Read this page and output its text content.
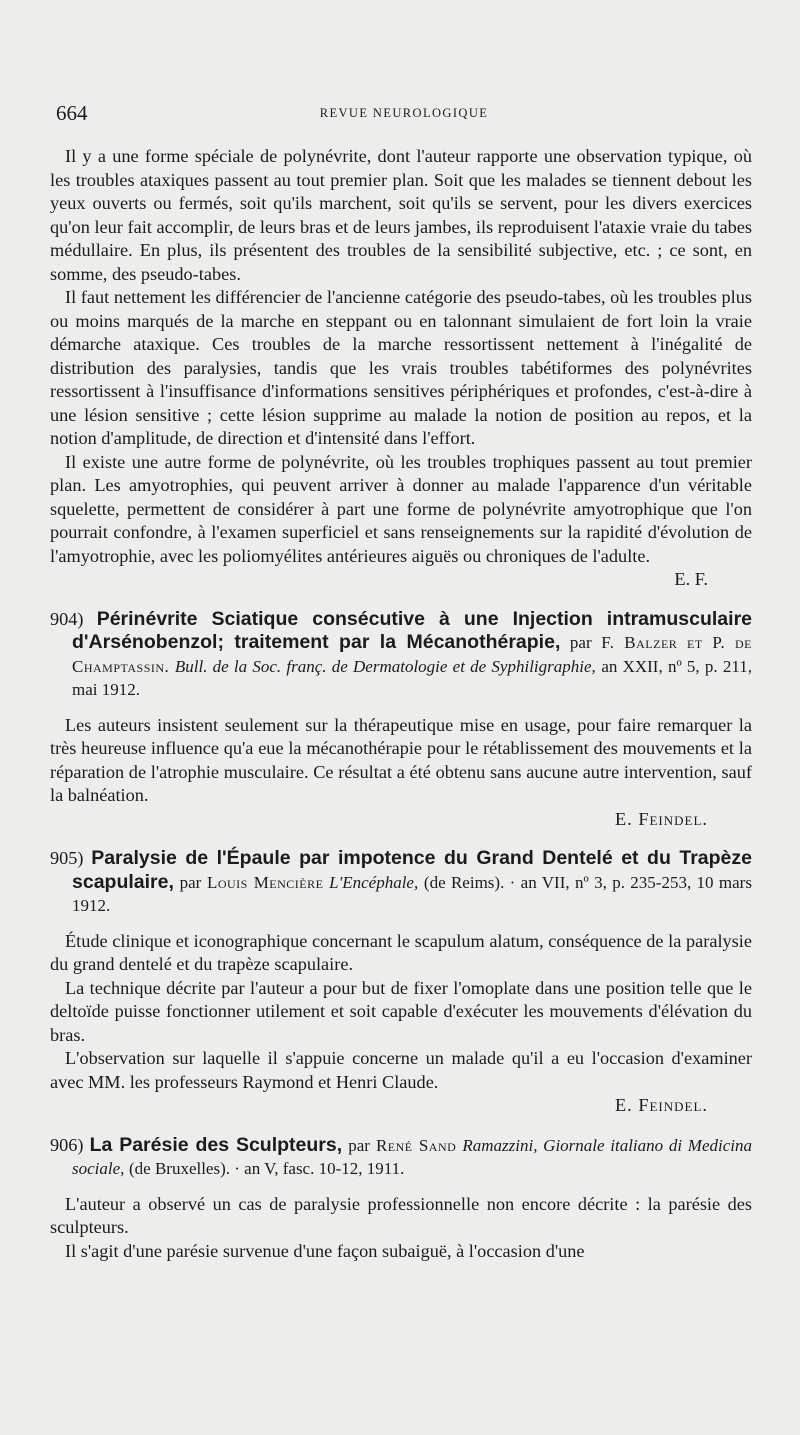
664	REVUE NEUROLOGIQUE

Il y a une forme spéciale de polynévrite, dont l'auteur rapporte une observation typique, où les troubles ataxiques passent au tout premier plan. Soit que les malades se tiennent debout les yeux ouverts ou fermés, soit qu'ils marchent, soit qu'ils se servent, pour les divers exercices qu'on leur fait accomplir, de leurs bras et de leurs jambes, ils reproduisent l'ataxie vraie du tabes médullaire. En plus, ils présentent des troubles de la sensibilité subjective, etc. ; ce sont, en somme, des pseudo-tabes.

Il faut nettement les différencier de l'ancienne catégorie des pseudo-tabes, où les troubles plus ou moins marqués de la marche en steppant ou en talonnant simulaient de fort loin la vraie démarche ataxique. Ces troubles de la marche ressortissent nettement à l'inégalité de distribution des paralysies, tandis que les vrais troubles tabétiformes des polynévrites ressortissent à l'insuffisance d'informations sensitives périphériques et profondes, c'est-à-dire à une lésion sensitive ; cette lésion supprime au malade la notion de position au repos, et la notion d'amplitude, de direction et d'intensité dans l'effort.

Il existe une autre forme de polynévrite, où les troubles trophiques passent au tout premier plan. Les amyotrophies, qui peuvent arriver à donner au malade l'apparence d'un véritable squelette, permettent de considérer à part une forme de polynévrite amyotrophique que l'on pourrait confondre, à l'examen superficiel et sans renseignements sur la rapidité d'évolution de l'amyotrophie, avec les poliomyélites antérieures aiguës ou chroniques de l'adulte.

E. F.

904) Périnévrite Sciatique consécutive à une Injection intramusculaire d'Arsénobenzol; traitement par la Mécanothérapie, par F. Balzer et P. de Champtassin. Bull. de la Soc. franç. de Dermatologie et de Syphiligraphie, an XXII, nº 5, p. 211, mai 1912.

Les auteurs insistent seulement sur la thérapeutique mise en usage, pour faire remarquer la très heureuse influence qu'a eue la mécanothérapie pour le rétablissement des mouvements et la réparation de l'atrophie musculaire. Ce résultat a été obtenu sans aucune autre intervention, sauf la balnéation.

E. Feindel.

905) Paralysie de l'Épaule par impotence du Grand Dentelé et du Trapèze scapulaire, par Louis Mencière L'Encéphale, (de Reims). · an VII, nº 3, p. 235-253, 10 mars 1912.

Étude clinique et iconographique concernant le scapulum alatum, conséquence de la paralysie du grand dentelé et du trapèze scapulaire.

La technique décrite par l'auteur a pour but de fixer l'omoplate dans une position telle que le deltoïde puisse fonctionner utilement et soit capable d'exécuter les mouvements d'élévation du bras.

L'observation sur laquelle il s'appuie concerne un malade qu'il a eu l'occasion d'examiner avec MM. les professeurs Raymond et Henri Claude.

E. Feindel.

906) La Parésie des Sculpteurs, par René Sand Ramazzini, Giornale italiano di Medicina sociale, (de Bruxelles). · an V, fasc. 10-12, 1911.

L'auteur a observé un cas de paralysie professionnelle non encore décrite : la parésie des sculpteurs.

Il s'agit d'une parésie survenue d'une façon subaiguë, à l'occasion d'une
